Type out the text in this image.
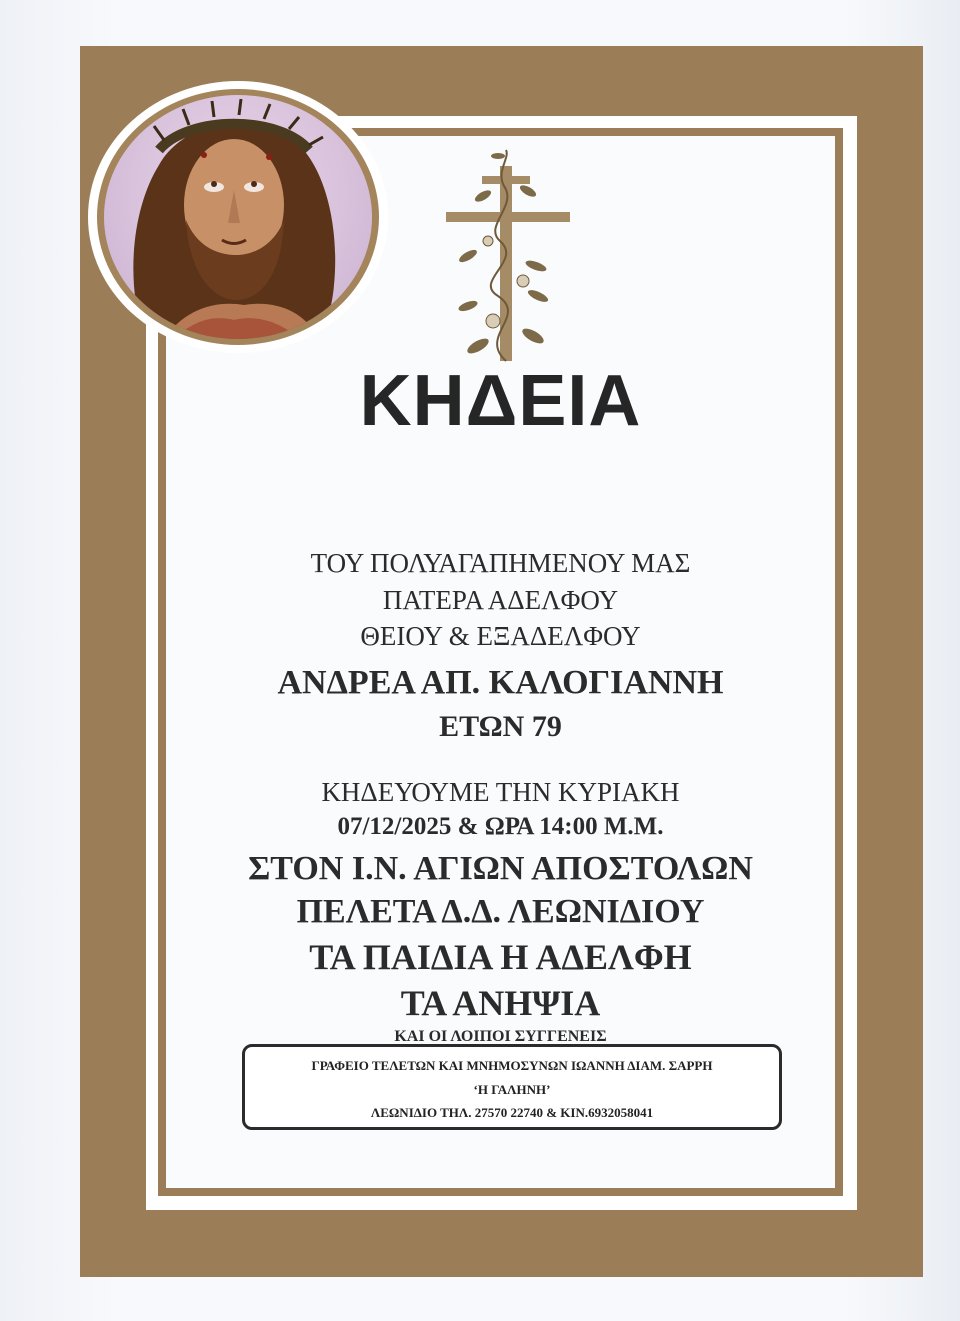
ΚΗΔΕΙΑ
ΤΟΥ ΠΟΛΥΑΓΑΠΗΜΕΝΟΥ ΜΑΣ
ΠΑΤΕΡΑ ΑΔΕΛΦΟΥ
ΘΕΙΟΥ & ΕΞΑΔΕΛΦΟΥ
ΑΝΔΡΕΑ ΑΠ. ΚΑΛΟΓΙΑΝΝΗ
ΕΤΩΝ 79
ΚΗΔΕΥΟΥΜΕ ΤΗΝ ΚΥΡΙΑΚΗ
07/12/2025 & ΩΡΑ 14:00 Μ.Μ.
ΣΤΟΝ Ι.Ν. ΑΓΙΩΝ ΑΠΟΣΤΟΛΩΝ
ΠΕΛΕΤΑ Δ.Δ. ΛΕΩΝΙΔΙΟΥ
ΤΑ ΠΑΙΔΙΑ Η ΑΔΕΛΦΗ
ΤΑ ΑΝΗΨΙΑ
ΚΑΙ ΟΙ ΛΟΙΠΟΙ ΣΥΓΓΕΝΕΙΣ
ΓΡΑΦΕΙΟ ΤΕΛΕΤΩΝ ΚΑΙ ΜΝΗΜΟΣΥΝΩΝ ΙΩΑΝΝΗ ΔΙΑΜ. ΣΑΡΡΗ
‘Η ΓΑΛΗΝΗ’
ΛΕΩΝΙΔΙΟ ΤΗΛ. 27570 22740 & ΚΙΝ.6932058041
